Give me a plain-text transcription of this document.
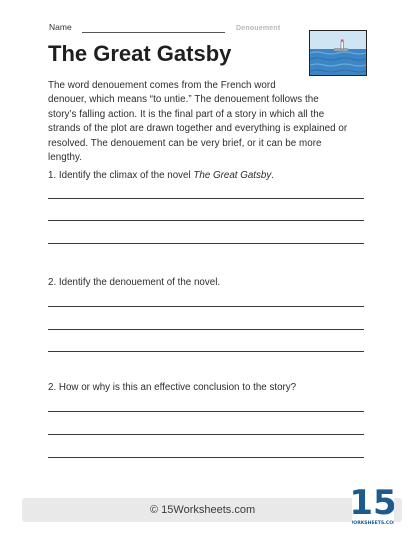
Name	Denouement
The Great Gatsby
The word denouement comes from the French word
denouer, which means “to untie.” The denouement follows the
story’s falling action. It is the final part of a story in which all the
strands of the plot are drawn together and everything is explained or
resolved. The denouement can be very brief, or it can be more
lengthy.
1. Identify the climax of the novel The Great Gatsby.
2. Identify the denouement of the novel.
2. How or why is this an effective conclusion to the story?
© 15Worksheets.com	15
ORKSHEETS.CO
